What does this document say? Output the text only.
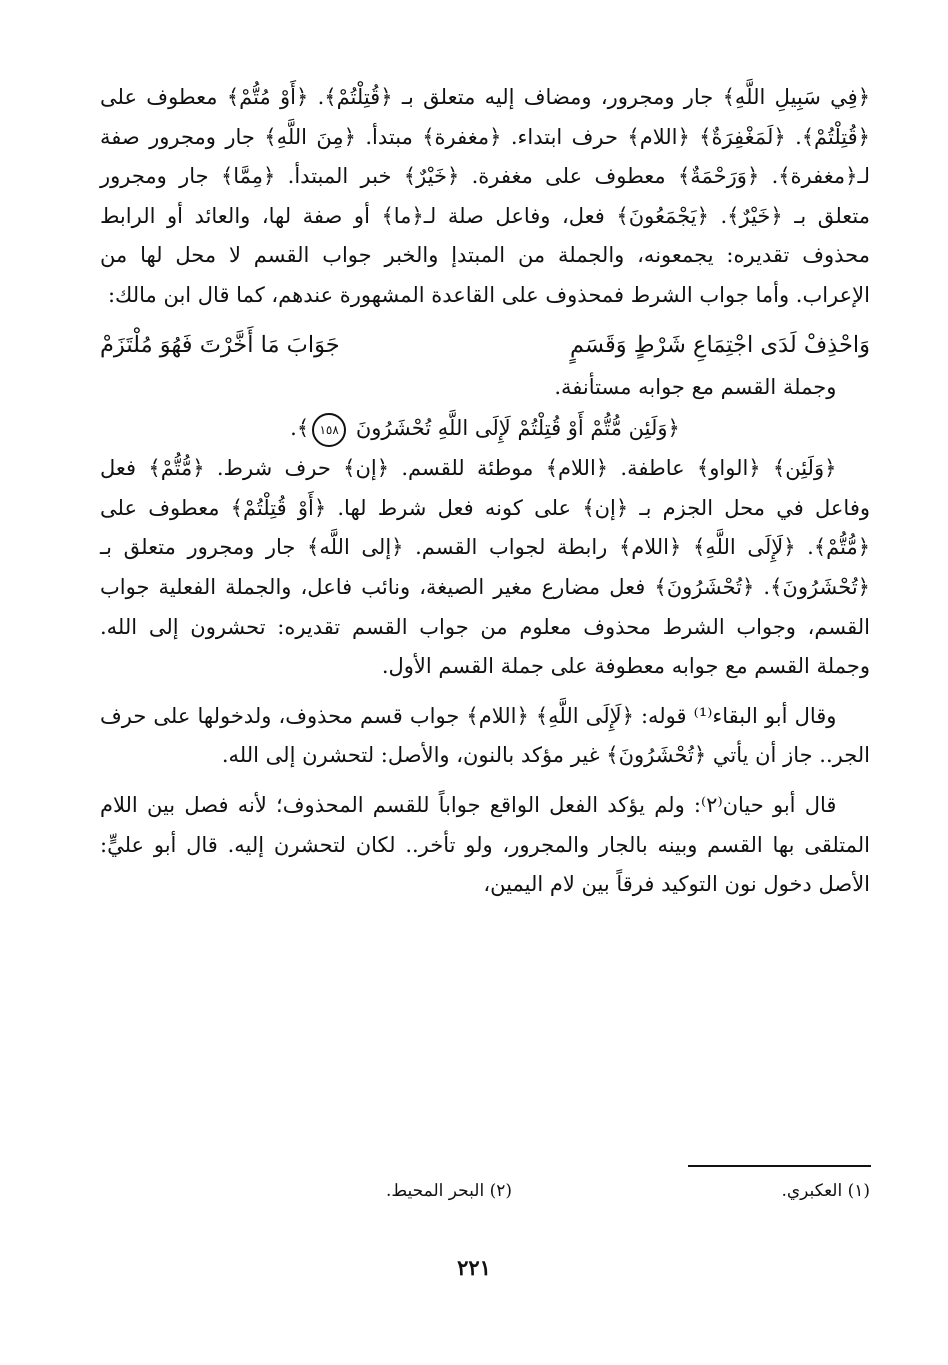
﴿فِي سَبِيلِ اللَّهِ﴾ جار ومجرور، ومضاف إليه متعلق بـ ﴿قُتِلْتُمْ﴾. ﴿أَوْ مُتُّمْ﴾ معطوف على ﴿قُتِلْتُمْ﴾. ﴿لَمَغْفِرَةٌ﴾ ﴿اللام﴾ حرف ابتداء. ﴿مغفرة﴾ مبتدأ. ﴿مِنَ اللَّهِ﴾ جار ومجرور صفة لـ﴿مغفرة﴾. ﴿وَرَحْمَةٌ﴾ معطوف على مغفرة. ﴿خَيْرٌ﴾ خبر المبتدأ. ﴿مِمَّا﴾ جار ومجرور متعلق بـ ﴿خَيْرٌ﴾. ﴿يَجْمَعُونَ﴾ فعل، وفاعل صلة لـ﴿ما﴾ أو صفة لها، والعائد أو الرابط محذوف تقديره: يجمعونه، والجملة من المبتدإ والخبر جواب القسم لا محل لها من الإعراب. وأما جواب الشرط فمحذوف على القاعدة المشهورة عندهم، كما قال ابن مالك:

وَاحْذِفْ لَدَى اجْتِمَاعِ شَرْطٍ وَقَسَمٍ
جَوَابَ مَا أَخَّرْتَ فَهُوَ مُلْتَزَمْ

وجملة القسم مع جوابه مستأنفة.

﴿وَلَئِن مُّتُّمْ أَوْ قُتِلْتُمْ لَإِلَى اللَّهِ تُحْشَرُونَ ١٥٨﴾.

﴿وَلَئِن﴾ ﴿الواو﴾ عاطفة. ﴿اللام﴾ موطئة للقسم. ﴿إن﴾ حرف شرط. ﴿مُّتُّمْ﴾ فعل وفاعل في محل الجزم بـ ﴿إن﴾ على كونه فعل شرط لها. ﴿أَوْ قُتِلْتُمْ﴾ معطوف على ﴿مُّتُّمْ﴾. ﴿لَإِلَى اللَّهِ﴾ ﴿اللام﴾ رابطة لجواب القسم. ﴿إلى اللَّه﴾ جار ومجرور متعلق بـ ﴿تُحْشَرُونَ﴾. ﴿تُحْشَرُونَ﴾ فعل مضارع مغير الصيغة، ونائب فاعل، والجملة الفعلية جواب القسم، وجواب الشرط محذوف معلوم من جواب القسم تقديره: تحشرون إلى الله. وجملة القسم مع جوابه معطوفة على جملة القسم الأول.

وقال أبو البقاء⁽¹⁾ قوله: ﴿لَإِلَى اللَّهِ﴾ ﴿اللام﴾ جواب قسم محذوف، ولدخولها على حرف الجر.. جاز أن يأتي ﴿تُحْشَرُونَ﴾ غير مؤكد بالنون، والأصل: لتحشرن إلى الله.

قال أبو حيان⁽٢⁾: ولم يؤكد الفعل الواقع جواباً للقسم المحذوف؛ لأنه فصل بين اللام المتلقى بها القسم وبينه بالجار والمجرور، ولو تأخر.. لكان لتحشرن إليه. قال أبو عليٍّ: الأصل دخول نون التوكيد فرقاً بين لام اليمين،

(١) العكبري.
(٢) البحر المحيط.
٢٢١
